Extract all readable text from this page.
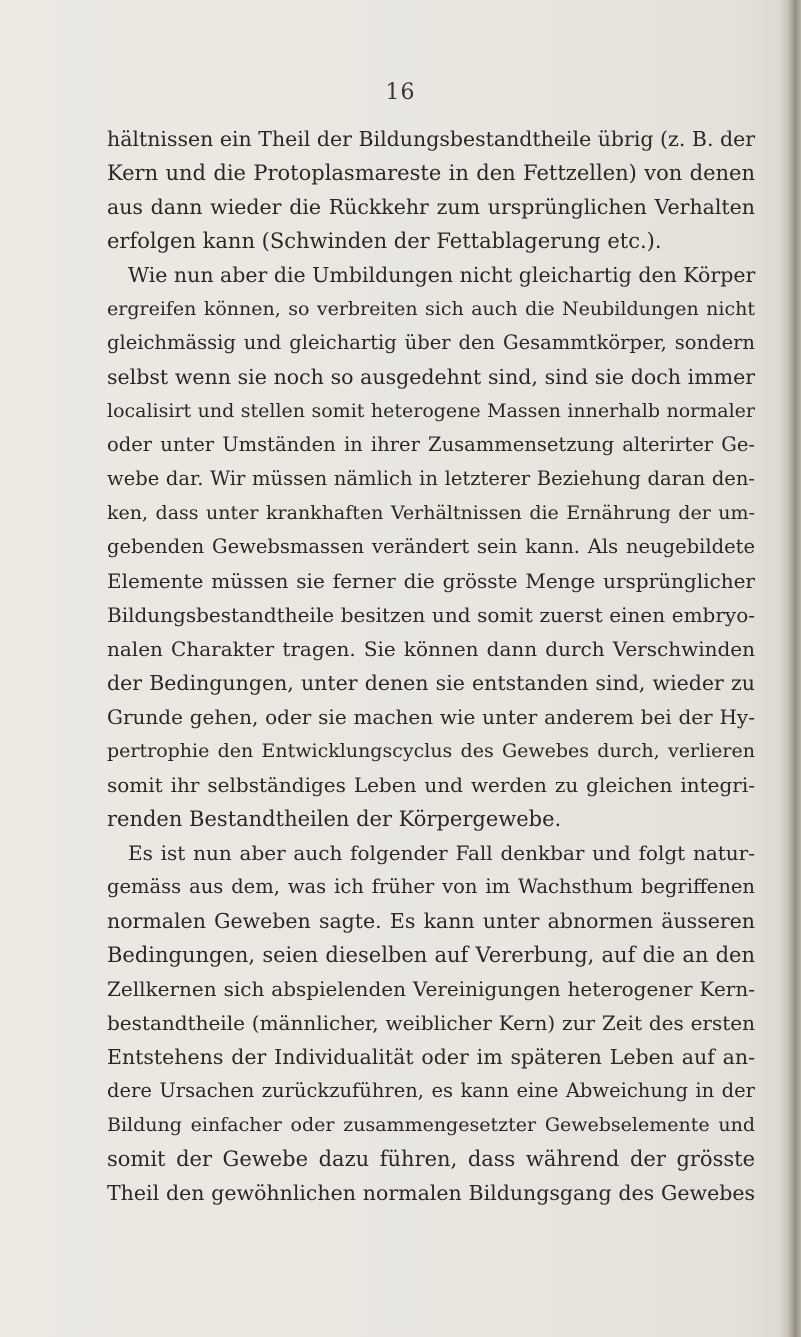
16

hältnissen ein Theil der Bildungsbestandtheile übrig (z. B. der
Kern und die Protoplasmareste in den Fettzellen) von denen
aus dann wieder die Rückkehr zum ursprünglichen Verhalten
erfolgen kann (Schwinden der Fettablagerung etc.).

Wie nun aber die Umbildungen nicht gleichartig den Körper
ergreifen können, so verbreiten sich auch die Neubildungen nicht
gleichmässig und gleichartig über den Gesammtkörper, sondern
selbst wenn sie noch so ausgedehnt sind, sind sie doch immer
localisirt und stellen somit heterogene Massen innerhalb normaler
oder unter Umständen in ihrer Zusammensetzung alterirter Ge-
webe dar. Wir müssen nämlich in letzterer Beziehung daran den-
ken, dass unter krankhaften Verhältnissen die Ernährung der um-
gebenden Gewebsmassen verändert sein kann. Als neugebildete
Elemente müssen sie ferner die grösste Menge ursprünglicher
Bildungsbestandtheile besitzen und somit zuerst einen embryo-
nalen Charakter tragen. Sie können dann durch Verschwinden
der Bedingungen, unter denen sie entstanden sind, wieder zu
Grunde gehen, oder sie machen wie unter anderem bei der Hy-
pertrophie den Entwicklungscyclus des Gewebes durch, verlieren
somit ihr selbständiges Leben und werden zu gleichen integri-
renden Bestandtheilen der Körpergewebe.

Es ist nun aber auch folgender Fall denkbar und folgt natur-
gemäss aus dem, was ich früher von im Wachsthum begriffenen
normalen Geweben sagte. Es kann unter abnormen äusseren
Bedingungen, seien dieselben auf Vererbung, auf die an den
Zellkernen sich abspielenden Vereinigungen heterogener Kern-
bestandtheile (männlicher, weiblicher Kern) zur Zeit des ersten
Entstehens der Individualität oder im späteren Leben auf an-
dere Ursachen zurückzuführen, es kann eine Abweichung in der
Bildung einfacher oder zusammengesetzter Gewebselemente und
somit der Gewebe dazu führen, dass während der grösste
Theil den gewöhnlichen normalen Bildungsgang des Gewebes
